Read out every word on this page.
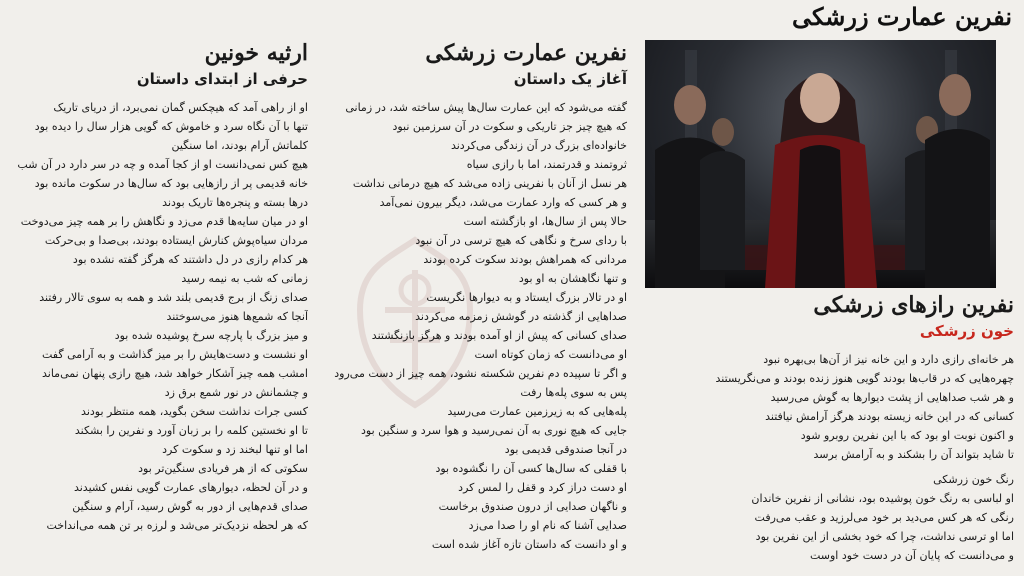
نفرین عمارت زرشکی
ارثیه خونین
حرفی از ابتدای داستان

او از راهی آمد که هیچکس گمان نمی‌برد، از دریای تاریک

تنها با آن نگاه سرد و خاموش که گویی هزار سال را دیده بود

کلماتش آرام بودند، اما سنگین

هیچ کس نمی‌دانست او از کجا آمده و چه در سر دارد در آن شب

خانه قدیمی پر از رازهایی بود که سال‌ها در سکوت مانده بود

درها بسته و پنجره‌ها تاریک بودند

او در میان سایه‌ها قدم می‌زد و نگاهش را بر همه چیز می‌دوخت

مردان سیاه‌پوش کنارش ایستاده بودند، بی‌صدا و بی‌حرکت

هر کدام رازی در دل داشتند که هرگز گفته نشده بود

زمانی که شب به نیمه رسید

صدای زنگ از برج قدیمی بلند شد و همه به سوی تالار رفتند

آنجا که شمع‌ها هنوز می‌سوختند

و میز بزرگ با پارچه سرخ پوشیده شده بود

او نشست و دست‌هایش را بر میز گذاشت و به آرامی گفت

امشب همه چیز آشکار خواهد شد، هیچ رازی پنهان نمی‌ماند

و چشمانش در نور شمع برق زد

کسی جرات نداشت سخن بگوید، همه منتظر بودند

تا او نخستین کلمه را بر زبان آورد و نفرین را بشکند

اما او تنها لبخند زد و سکوت کرد

سکوتی که از هر فریادی سنگین‌تر بود

و در آن لحظه، دیوارهای عمارت گویی نفس کشیدند

صدای قدم‌هایی از دور به گوش رسید، آرام و سنگین

که هر لحظه نزدیک‌تر می‌شد و لرزه بر تن همه می‌انداخت

نفرین عمارت زرشکی
آغاز یک داستان

گفته می‌شود که این عمارت سال‌ها پیش ساخته شد، در زمانی

که هیچ چیز جز تاریکی و سکوت در آن سرزمین نبود

خانواده‌ای بزرگ در آن زندگی می‌کردند

ثروتمند و قدرتمند، اما با رازی سیاه

هر نسل از آنان با نفرینی زاده می‌شد که هیچ درمانی نداشت

و هر کسی که وارد عمارت می‌شد، دیگر بیرون نمی‌آمد

حالا پس از سال‌ها، او بازگشته است

با ردای سرخ و نگاهی که هیچ ترسی در آن نبود

مردانی که همراهش بودند سکوت کرده بودند

و تنها نگاهشان به او بود

او در تالار بزرگ ایستاد و به دیوارها نگریست

صداهایی از گذشته در گوشش زمزمه می‌کردند

صدای کسانی که پیش از او آمده بودند و هرگز بازنگشتند

او می‌دانست که زمان کوتاه است

و اگر تا سپیده دم نفرین شکسته نشود، همه چیز از دست می‌رود

پس به سوی پله‌ها رفت

پله‌هایی که به زیرزمین عمارت می‌رسید

جایی که هیچ نوری به آن نمی‌رسید و هوا سرد و سنگین بود

در آنجا صندوقی قدیمی بود

با قفلی که سال‌ها کسی آن را نگشوده بود

او دست دراز کرد و قفل را لمس کرد

و ناگهان صدایی از درون صندوق برخاست

صدایی آشنا که نام او را صدا می‌زد

و او دانست که داستان تازه آغاز شده است

نفرین رازهای زرشکی
خون زرشکی

هر خانه‌ای رازی دارد و این خانه نیز از آن‌ها بی‌بهره نبود

چهره‌هایی که در قاب‌ها بودند گویی هنوز زنده بودند و می‌نگریستند

و هر شب صداهایی از پشت دیوارها به گوش می‌رسید

کسانی که در این خانه زیسته بودند هرگز آرامش نیافتند

و اکنون نوبت او بود که با این نفرین روبرو شود

تا شاید بتواند آن را بشکند و به آرامش برسد

رنگ خون زرشکی

او لباسی به رنگ خون پوشیده بود، نشانی از نفرین خاندان

رنگی که هر کس می‌دید بر خود می‌لرزید و عقب می‌رفت

اما او ترسی نداشت، چرا که خود بخشی از این نفرین بود

و می‌دانست که پایان آن در دست خود اوست
